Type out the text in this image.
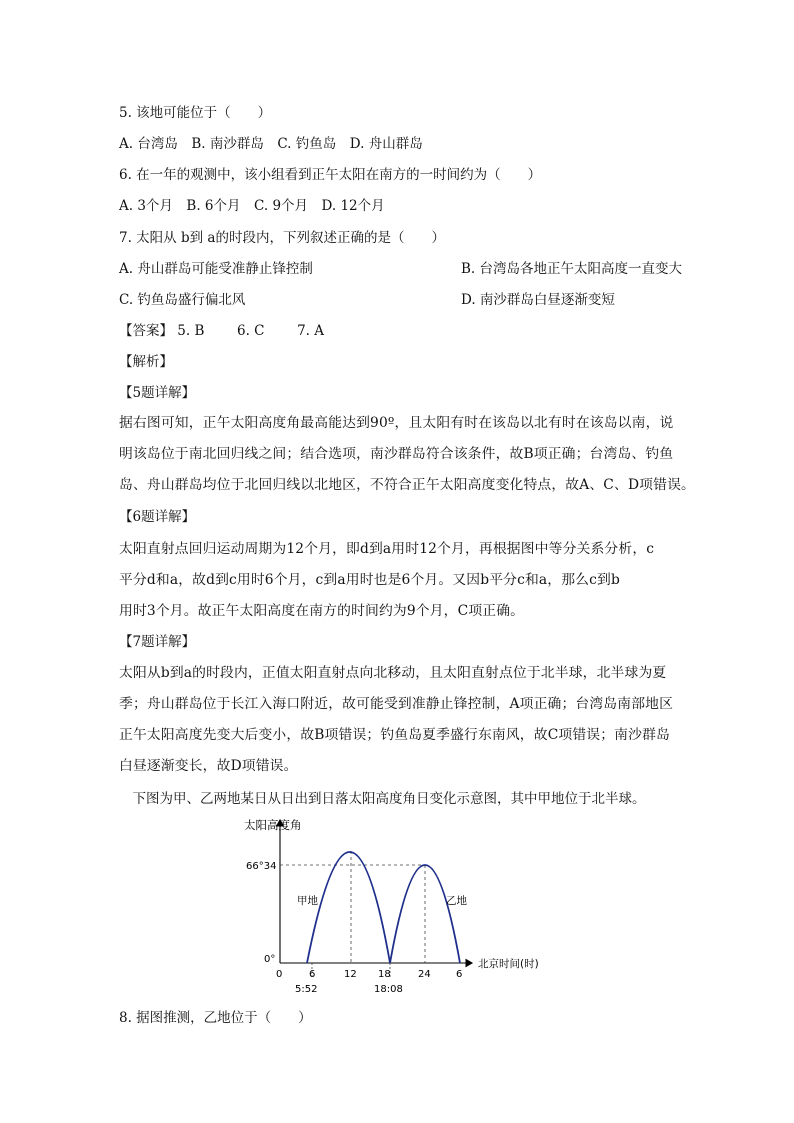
5. 该地可能位于（　　）
A. 台湾岛　B. 南沙群岛　C. 钓鱼岛　D. 舟山群岛
6. 在一年的观测中，该小组看到正午太阳在南方的一时间约为（　　）
A. 3个月　B. 6个月　C. 9个月　D. 12个月
7. 太阳从 b到 a的时段内，下列叙述正确的是（　　）
A. 舟山群岛可能受准静止锋控制	B. 台湾岛各地正午太阳高度一直变大
C. 钓鱼岛盛行偏北风	D. 南沙群岛白昼逐渐变短
【答案】 5. B 6. C 7. A
【解析】
【5题详解】
据右图可知，正午太阳高度角最高能达到90º，且太阳有时在该岛以北有时在该岛以南，说
明该岛位于南北回归线之间；结合选项，南沙群岛符合该条件，故B项正确；台湾岛、钓鱼
岛、舟山群岛均位于北回归线以北地区，不符合正午太阳高度变化特点，故A、C、D项错误。
【6题详解】
太阳直射点回归运动周期为12个月，即d到a用时12个月，再根据图中等分关系分析，c
平分d和a，故d到c用时6个月，c到a用时也是6个月。又因b平分c和a，那么c到b
用时3个月。故正午太阳高度在南方的时间约为9个月，C项正确。
【7题详解】
太阳从b到a的时段内，正值太阳直射点向北移动，且太阳直射点位于北半球，北半球为夏
季；舟山群岛位于长江入海口附近，故可能受到准静止锋控制，A项正确；台湾岛南部地区
正午太阳高度先变大后变小，故B项错误；钓鱼岛夏季盛行东南风，故C项错误；南沙群岛
白昼逐渐变长，故D项错误。
　下图为甲、乙两地某日从日出到日落太阳高度角日变化示意图，其中甲地位于北半球。
太阳高度角
北京时间(时)
66°34
0°
甲地	乙地
0	6	12 18	24	6
5:52	18:08
8. 据图推测，乙地位于（　　）
